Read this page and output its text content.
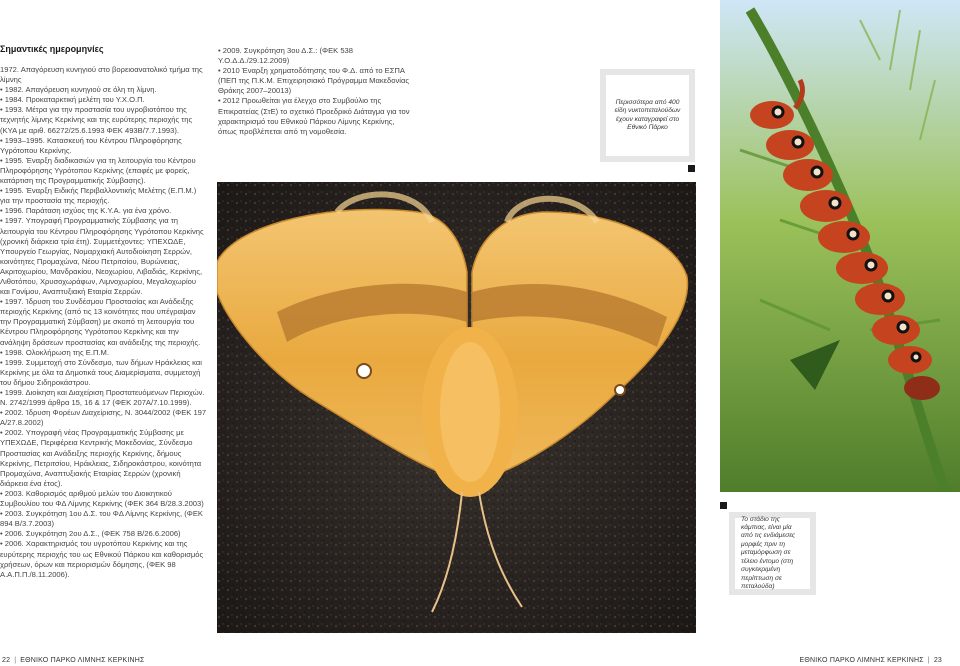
Σημαντικές ημερομηνίες

1972. Απαγόρευση κυνηγιού στο βορειοανατολικό τμήμα της λίμνης

• 1982. Απαγόρευση κυνηγιού σε όλη τη λίμνη.

• 1984. Προκαταρκτική μελέτη του Υ.Χ.Ο.Π.

• 1993. Μέτρα για την προστασία του υγροβιοτόπου της τεχνητής λίμνης Κερκίνης και της ευρύτερης περιοχής της (ΚΥΑ με αριθ. 66272/25.6.1993 ΦΕΚ 493Β/7.7.1993).

• 1993–1995. Κατασκευή του Κέντρου Πληροφόρησης Υγρότοπου Κερκίνης.

• 1995. Έναρξη διαδικασιών για τη λειτουργία του Κέντρου Πληροφόρησης Υγρότοπου Κερκίνης (επαφές με φορείς, κατάρτιση της Προγραμματικής Σύμβασης).

• 1995. Έναρξη Ειδικής Περιβαλλοντικής Μελέτης (Ε.Π.Μ.) για την προστασία της περιοχής.

• 1996. Παράταση ισχύος της Κ.Υ.Α. για ένα χρόνο.

• 1997. Υπογραφή Προγραμματικής Σύμβασης για τη λειτουργία του Κέντρου Πληροφόρησης Υγρότοπου Κερκίνης (χρονική διάρκεια τρία έτη). Συμμετέχοντες: ΥΠΕΧΩΔΕ, Υπουργείο Γεωργίας, Νομαρχιακή Αυτοδιοίκηση Σερρών, κοινότητες Προμαχώνα, Νέου Πετριτσίου, Βυρώνειας, Ακριτοχωρίου, Μανδρακίου, Νεοχωρίου, Λιβαδιάς, Κερκίνης, Λιθοτόπου, Χρυσοχωράφων, Λιμνοχωρίου, Μεγαλοχωρίου και Γονίμου, Αναπτυξιακή Εταιρία Σερρών.

• 1997. Ίδρυση του Συνδέσμου Προστασίας και Ανάδειξης περιοχής Κερκίνης (από τις 13 κοινότητες που υπέγραψαν την Προγραμματική Σύμβαση) με σκοπό τη λειτουργία του Κέντρου Πληροφόρησης Υγρότοπου Κερκίνης και την ανάληψη δράσεων προστασίας και ανάδειξης της περιοχής.

• 1998. Ολοκλήρωση της Ε.Π.Μ.

• 1999. Συμμετοχή στο Σύνδεσμο, των δήμων Ηράκλειας και Κερκίνης με όλα τα Δημοτικά τους Διαμερίσματα, συμμετοχή του δήμου Σιδηροκάστρου.

• 1999. Διοίκηση και Διαχείριση Προστατευόμενων Περιοχών. Ν. 2742/1999 άρθρα 15, 16 & 17 (ΦΕΚ 207Α/7.10.1999).

• 2002. Ίδρυση Φορέων Διαχείρισης, Ν. 3044/2002 (ΦΕΚ 197 Α/27.8.2002)

• 2002. Υπογραφή νέας Προγραμματικής Σύμβασης με ΥΠΕΧΩΔΕ, Περιφέρεια Κεντρικής Μακεδονίας, Σύνδεσμο Προστασίας και Ανάδειξης περιοχής Κερκίνης, δήμους Κερκίνης, Πετριτσίου, Ηράκλειας, Σιδηροκάστρου, κοινότητα Προμαχώνα, Αναπτυξιακής Εταιρίας Σερρών (χρονική διάρκεια ένα έτος).

• 2003. Καθορισμός αριθμού μελών του Διοικητικού Συμβουλίου του ΦΔ Λίμνης Κερκίνης (ΦΕΚ 364 Β/28.3.2003)

• 2003. Συγκρότηση 1ου Δ.Σ. του ΦΔ Λίμνης Κερκίνης, (ΦΕΚ 894 Β/3.7.2003)

• 2006. Συγκρότηση 2ου Δ.Σ., (ΦΕΚ 758 Β/26.6.2006)

• 2006. Χαρακτηρισμός του υγροτόπου Κερκίνης και της ευρύτερης περιοχής του ως Εθνικού Πάρκου και καθορισμός χρήσεων, όρων και περιορισμών δόμησης, (ΦΕΚ 98 Α.Α.Π.Π./8.11.2006).

• 2009. Συγκρότηση 3ου Δ.Σ.: (ΦΕΚ 538 Υ.Ο.Δ.Δ./29.12.2009)

• 2010 Έναρξη χρηματοδότησης του Φ.Δ. από το ΕΣΠΑ (ΠΕΠ της Π.Κ.Μ. Επιχειρησιακό Πρόγραμμα Μακεδονίας Θράκης 2007–20013)

• 2012 Προωθείται για έλεγχο στο Συμβούλιο της Επικρατείας (ΣτΕ) το σχετικό Προεδρικό Διάταγμα για τον χαρακτηρισμό του Εθνικού Πάρκου Λίμνης Κερκίνης, όπως προβλέπεται από τη νομοθεσία.

Περισσότερα από 400 είδη νυκτοπεταλούδων έχουν καταγραφεί στο Εθνικό Πάρκο
Το στάδιο της κάμπιας, είναι μία από τις ενδιάμεσες μορφές πριν τη μεταμόρφωση σε τέλειο έντομο (στη συγκεκριμένη περίπτωση σε πεταλούδα)
22 | ΕΘΝΙΚΟ ΠΑΡΚΟ ΛΙΜΝΗΣ ΚΕΡΚΙΝΗΣ	ΕΘΝΙΚΟ ΠΑΡΚΟ ΛΙΜΝΗΣ ΚΕΡΚΙΝΗΣ | 23
